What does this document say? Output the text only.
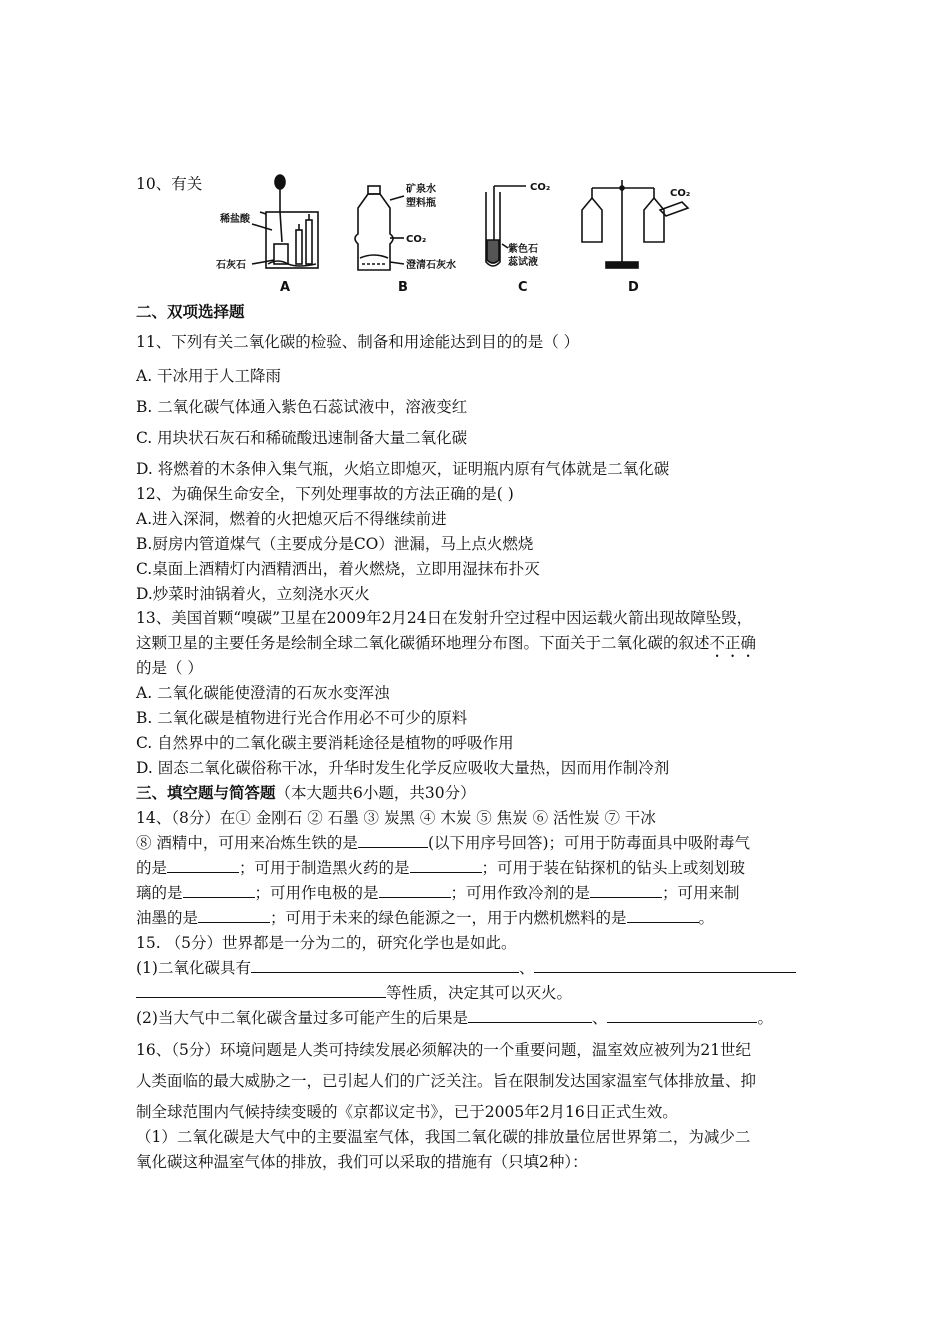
10、有关
稀盐酸
石灰石
A
矿泉水
塑料瓶
CO₂
澄清石灰水
B
CO₂
紫色石
蕊试液
C
CO₂
D
二、双项选择题
11、下列有关二氧化碳的检验、制备和用途能达到目的的是（ ）
A. 干冰用于人工降雨
B. 二氧化碳气体通入紫色石蕊试液中，溶液变红
C. 用块状石灰石和稀硫酸迅速制备大量二氧化碳
D. 将燃着的木条伸入集气瓶，火焰立即熄灭，证明瓶内原有气体就是二氧化碳
12、为确保生命安全，下列处理事故的方法正确的是( )
A.进入深洞，燃着的火把熄灭后不得继续前进
B.厨房内管道煤气（主要成分是CO）泄漏，马上点火燃烧
C.桌面上酒精灯内酒精洒出，着火燃烧，立即用湿抹布扑灭
D.炒菜时油锅着火，立刻浇水灭火
13、美国首颗“嗅碳”卫星在2009年2月24日在发射升空过程中因运载火箭出现故障坠毁，
这颗卫星的主要任务是绘制全球二氧化碳循环地理分布图。下面关于二氧化碳的叙述不正确
的是（ ）
A. 二氧化碳能使澄清的石灰水变浑浊
B. 二氧化碳是植物进行光合作用必不可少的原料
C. 自然界中的二氧化碳主要消耗途径是植物的呼吸作用
D. 固态二氧化碳俗称干冰，升华时发生化学反应吸收大量热，因而用作制冷剂
三、填空题与简答题（本大题共6小题，共30分）
14、（8分）在① 金刚石 ② 石墨 ③ 炭黑 ④ 木炭 ⑤ 焦炭 ⑥ 活性炭 ⑦ 干冰
⑧ 酒精中，可用来冶炼生铁的是	(以下用序号回答)；可用于防毒面具中吸附毒气
的是	；可用于制造黑火药的是	；可用于装在钻探机的钻头上或刻划玻
璃的是	；可用作电极的是	；可用作致冷剂的是	；可用来制
油墨的是	；可用于未来的绿色能源之一，用于内燃机燃料的是	。
15. （5分）世界都是一分为二的，研究化学也是如此。
(1)二氧化碳具有	、
等性质，决定其可以灭火。
(2)当大气中二氧化碳含量过多可能产生的后果是	、	。
16、（5分）环境问题是人类可持续发展必须解决的一个重要问题，温室效应被列为21世纪
人类面临的最大威胁之一，已引起人们的广泛关注。旨在限制发达国家温室气体排放量、抑
制全球范围内气候持续变暖的《京都议定书》，已于2005年2月16日正式生效。
（1）二氧化碳是大气中的主要温室气体，我国二氧化碳的排放量位居世界第二，为减少二
氧化碳这种温室气体的排放，我们可以采取的措施有（只填2种）：
